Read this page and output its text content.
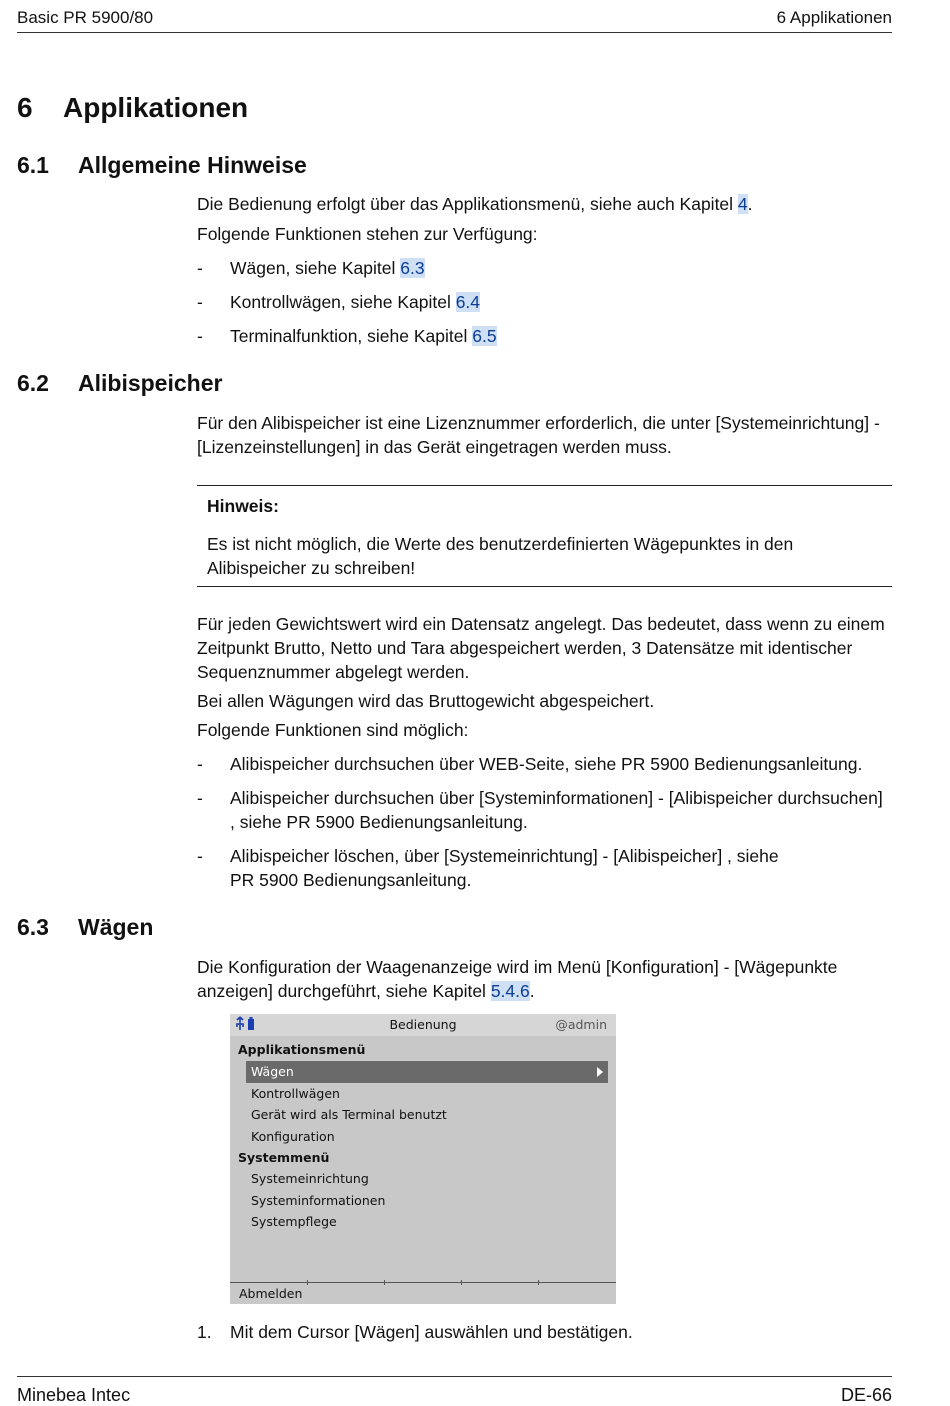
Basic PR 5900/80	6 Applikationen
6 Applikationen
6.1 Allgemeine Hinweise
Die Bedienung erfolgt über das Applikationsmenü, siehe auch Kapitel 4.
Folgende Funktionen stehen zur Verfügung:
- Wägen, siehe Kapitel 6.3
- Kontrollwägen, siehe Kapitel 6.4
- Terminalfunktion, siehe Kapitel 6.5
6.2 Alibispeicher
Für den Alibispeicher ist eine Lizenznummer erforderlich, die unter [Systemeinrichtung] - [Lizenzeinstellungen] in das Gerät eingetragen werden muss.
Hinweis:
Es ist nicht möglich, die Werte des benutzerdefinierten Wägepunktes in den Alibispeicher zu schreiben!
Für jeden Gewichtswert wird ein Datensatz angelegt. Das bedeutet, dass wenn zu einem Zeitpunkt Brutto, Netto und Tara abgespeichert werden, 3 Datensätze mit identischer Sequenznummer abgelegt werden.
Bei allen Wägungen wird das Bruttogewicht abgespeichert.
Folgende Funktionen sind möglich:
- Alibispeicher durchsuchen über WEB-Seite, siehe PR 5900 Bedienungsanleitung.
- Alibispeicher durchsuchen über [Systeminformationen] - [Alibispeicher durchsuchen] , siehe PR 5900 Bedienungsanleitung.
- Alibispeicher löschen, über [Systemeinrichtung] - [Alibispeicher] , siehe PR 5900 Bedienungsanleitung.
6.3 Wägen
Die Konfiguration der Waagenanzeige wird im Menü [Konfiguration] - [Wägepunkte anzeigen] durchgeführt, siehe Kapitel 5.4.6.
Bedienung	@admin
Applikationsmenü
Wägen
Kontrollwägen
Gerät wird als Terminal benutzt
Konfiguration
Systemmenü
Systemeinrichtung
Systeminformationen
Systempflege
Abmelden
1. Mit dem Cursor [Wägen] auswählen und bestätigen.
Minebea Intec	DE-66
